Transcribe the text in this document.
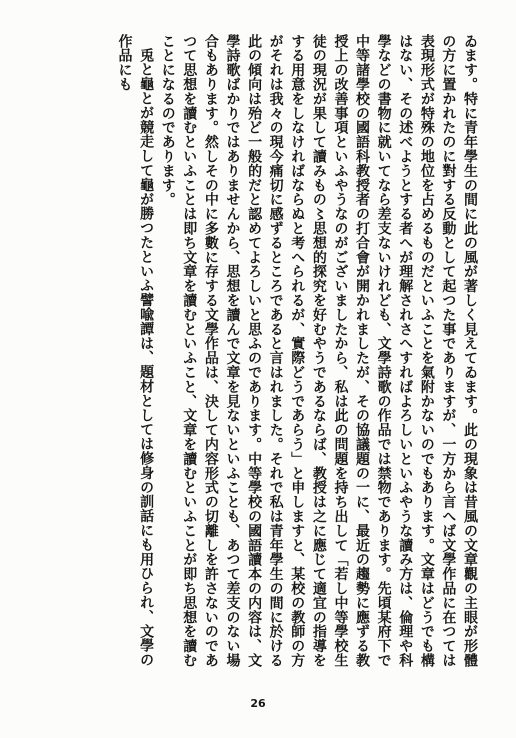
ゐます。特に青年學生の間に此の風が著しく見えてゐます。此の現象は昔風の文章觀の主眼が形體の方に置かれたのに對する反動として起つた事でありますが、一方から言へば文學作品に在つては表現形式が特殊の地位を占めるものだといふことを氣附かないのでもあります。文章はどうでも構はない、その述べようとする者へが理解されさへすればよろしいといふやうな讀み方は、倫理や科學などの書物に就いてなら差支ないけれども、文學詩歌の作品では禁物であります。先頃某府下で中等諸學校の國語科教授者の打合會が開かれましたが、その協議題の一に、最近の趨勢に應ずる教授上の改善事項といふやうなのがございましたから、私は此の問題を持ち出して「若し中等學校生徒の現況が果して讀みもの〻思想的探究を好むやうであるならば、教授は之に應じて適宜の指導をする用意をしなければならぬと考へられるが、實際どうであらう」と申しますと、某校の教師の方がそれは我々の現今痛切に感ずるところであると言はれました。それで私は青年學生の間に於ける此の傾向は殆ど一般的だと認めてよろしいと思ふのであります。中等學校の國語讀本の内容は、文學詩歌ばかりではありませんから、思想を讀んで文章を見ないといふことも、あつて差支のない場合もあります。然しその中に多數に存する文學作品は、決して内容形式の切離しを許さないのであつて思想を讀むといふことは即ち文章を讀むといふこと、文章を讀むといふことが即ち思想を讀むことになるのであります。

兎と龜とが競走して龜が勝つたといふ譬喩譚は、題材としては修身の訓話にも用ひられ、文學の作品にも

26
